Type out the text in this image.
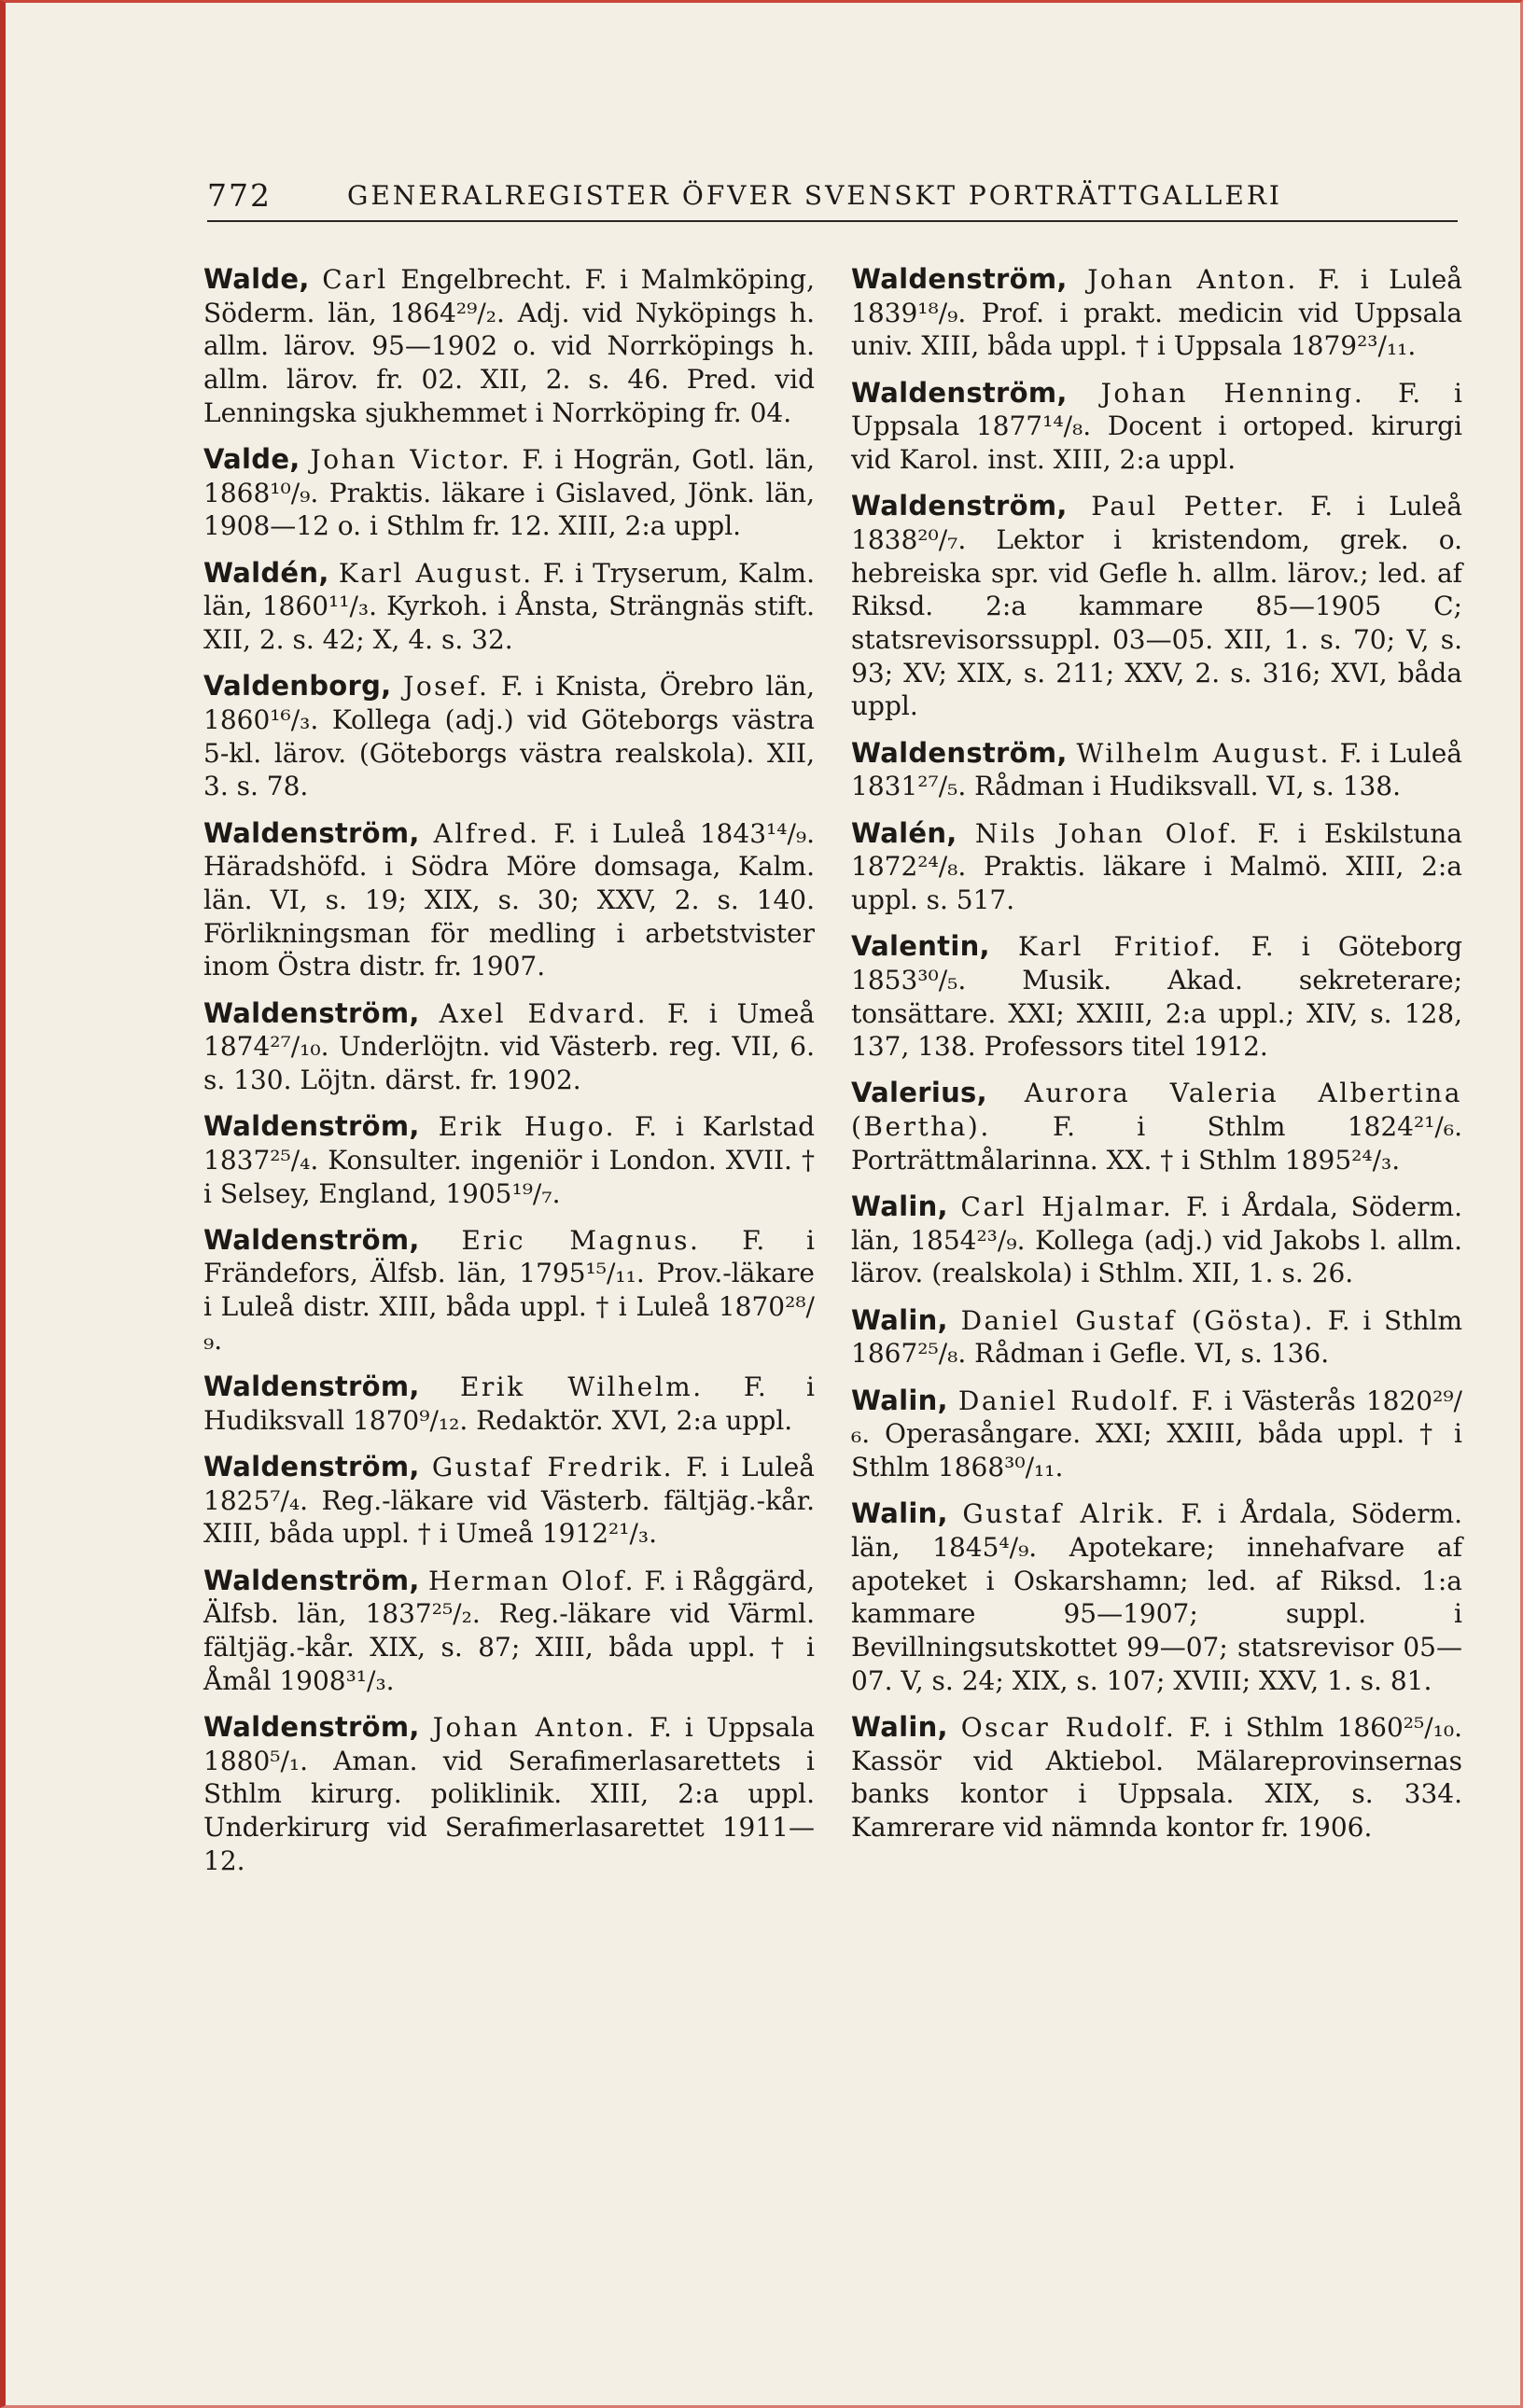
772	GENERALREGISTER ÖFVER SVENSKT PORTRÄTTGALLERI

Walde, Carl Engelbrecht. F. i Malmköping, Söderm. län, 1864²⁹/₂. Adj. vid Nyköpings h. allm. lärov. 95—1902 o. vid Norrköpings h. allm. lärov. fr. 02. XII, 2. s. 46. Pred. vid Lenningska sjukhemmet i Norrköping fr. 04.

Valde, Johan Victor. F. i Hogrän, Gotl. län, 1868¹⁰/₉. Praktis. läkare i Gislaved, Jönk. län, 1908—12 o. i Sthlm fr. 12. XIII, 2:a uppl.

Waldén, Karl August. F. i Tryserum, Kalm. län, 1860¹¹/₃. Kyrkoh. i Ånsta, Strängnäs stift. XII, 2. s. 42; X, 4. s. 32.

Valdenborg, Josef. F. i Knista, Örebro län, 1860¹⁶/₃. Kollega (adj.) vid Göteborgs västra 5-kl. lärov. (Göteborgs västra realskola). XII, 3. s. 78.

Waldenström, Alfred. F. i Luleå 1843¹⁴/₉. Häradshöfd. i Södra Möre domsaga, Kalm. län. VI, s. 19; XIX, s. 30; XXV, 2. s. 140. Förlikningsman för medling i arbetstvister inom Östra distr. fr. 1907.

Waldenström, Axel Edvard. F. i Umeå 1874²⁷/₁₀. Underlöjtn. vid Västerb. reg. VII, 6. s. 130. Löjtn. därst. fr. 1902.

Waldenström, Erik Hugo. F. i Karlstad 1837²⁵/₄. Konsulter. ingeniör i London. XVII. † i Selsey, England, 1905¹⁹/₇.

Waldenström, Eric Magnus. F. i Frändefors, Älfsb. län, 1795¹⁵/₁₁. Prov.-läkare i Luleå distr. XIII, båda uppl. † i Luleå 1870²⁸/₉.

Waldenström, Erik Wilhelm. F. i Hudiksvall 1870⁹/₁₂. Redaktör. XVI, 2:a uppl.

Waldenström, Gustaf Fredrik. F. i Luleå 1825⁷/₄. Reg.-läkare vid Västerb. fältjäg.-kår. XIII, båda uppl. † i Umeå 1912²¹/₃.

Waldenström, Herman Olof. F. i Råggärd, Älfsb. län, 1837²⁵/₂. Reg.-läkare vid Värml. fältjäg.-kår. XIX, s. 87; XIII, båda uppl. † i Åmål 1908³¹/₃.

Waldenström, Johan Anton. F. i Uppsala 1880⁵/₁. Aman. vid Serafimerlasarettets i Sthlm kirurg. poliklinik. XIII, 2:a uppl. Underkirurg vid Serafimerlasarettet 1911—12.

Waldenström, Johan Anton. F. i Luleå 1839¹⁸/₉. Prof. i prakt. medicin vid Uppsala univ. XIII, båda uppl. † i Uppsala 1879²³/₁₁.

Waldenström, Johan Henning. F. i Uppsala 1877¹⁴/₈. Docent i ortoped. kirurgi vid Karol. inst. XIII, 2:a uppl.

Waldenström, Paul Petter. F. i Luleå 1838²⁰/₇. Lektor i kristendom, grek. o. hebreiska spr. vid Gefle h. allm. lärov.; led. af Riksd. 2:a kammare 85—1905 C; statsrevisorssuppl. 03—05. XII, 1. s. 70; V, s. 93; XV; XIX, s. 211; XXV, 2. s. 316; XVI, båda uppl.

Waldenström, Wilhelm August. F. i Luleå 1831²⁷/₅. Rådman i Hudiksvall. VI, s. 138.

Walén, Nils Johan Olof. F. i Eskilstuna 1872²⁴/₈. Praktis. läkare i Malmö. XIII, 2:a uppl. s. 517.

Valentin, Karl Fritiof. F. i Göteborg 1853³⁰/₅. Musik. Akad. sekreterare; tonsättare. XXI; XXIII, 2:a uppl.; XIV, s. 128, 137, 138. Professors titel 1912.

Valerius, Aurora Valeria Albertina (Bertha). F. i Sthlm 1824²¹/₆. Porträttmålarinna. XX. † i Sthlm 1895²⁴/₃.

Walin, Carl Hjalmar. F. i Årdala, Söderm. län, 1854²³/₉. Kollega (adj.) vid Jakobs l. allm. lärov. (realskola) i Sthlm. XII, 1. s. 26.

Walin, Daniel Gustaf (Gösta). F. i Sthlm 1867²⁵/₈. Rådman i Gefle. VI, s. 136.

Walin, Daniel Rudolf. F. i Västerås 1820²⁹/₆. Operasångare. XXI; XXIII, båda uppl. † i Sthlm 1868³⁰/₁₁.

Walin, Gustaf Alrik. F. i Årdala, Söderm. län, 1845⁴/₉. Apotekare; innehafvare af apoteket i Oskarshamn; led. af Riksd. 1:a kammare 95—1907; suppl. i Bevillningsutskottet 99—07; statsrevisor 05—07. V, s. 24; XIX, s. 107; XVIII; XXV, 1. s. 81.

Walin, Oscar Rudolf. F. i Sthlm 1860²⁵/₁₀. Kassör vid Aktiebol. Mälareprovinsernas banks kontor i Uppsala. XIX, s. 334. Kamrerare vid nämnda kontor fr. 1906.
